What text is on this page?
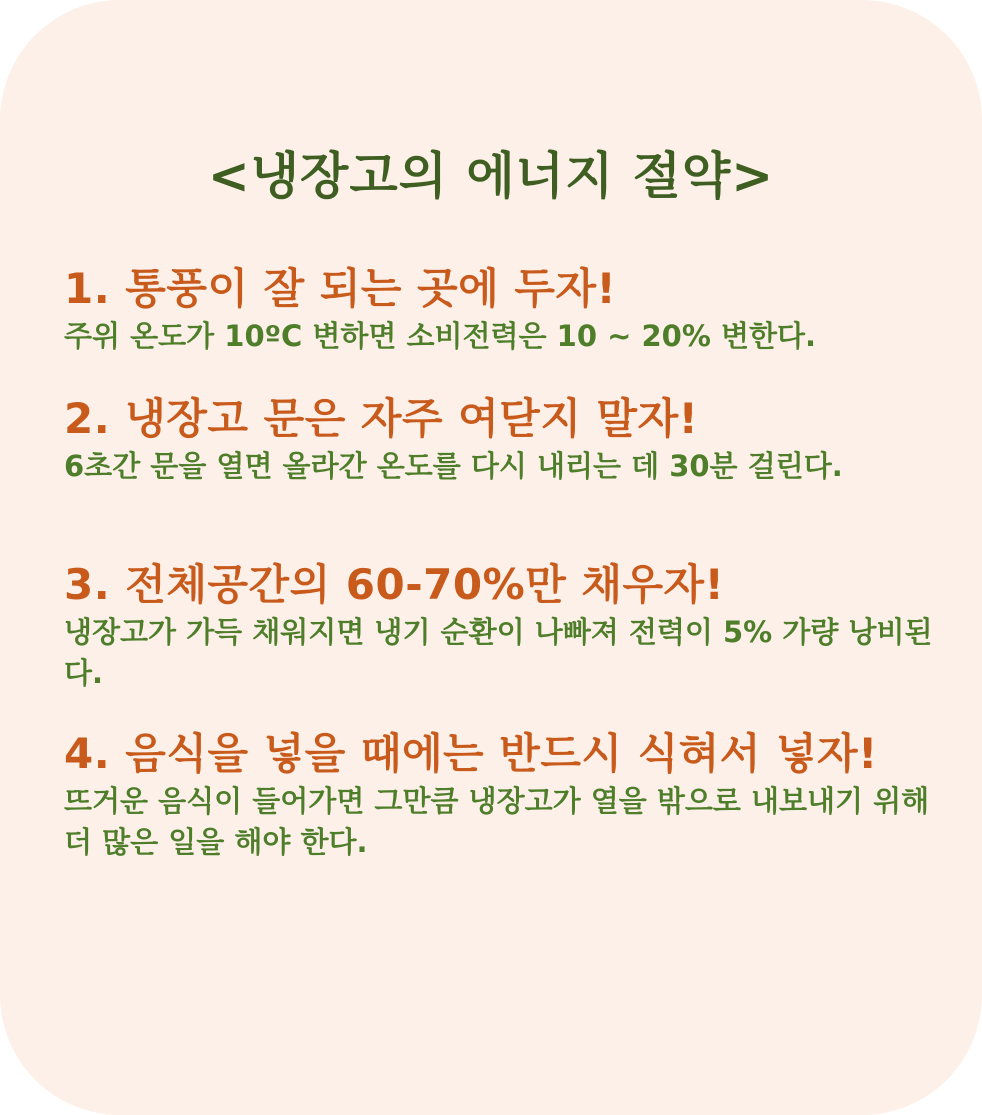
<냉장고의 에너지 절약>
1. 통풍이 잘 되는 곳에 두자!

주위 온도가 10ºC 변하면 소비전력은 10 ~ 20% 변한다.

2. 냉장고 문은 자주 여닫지 말자!

6초간 문을 열면 올라간 온도를 다시 내리는 데 30분 걸린다.

3. 전체공간의 60-70%만 채우자!

냉장고가 가득 채워지면 냉기 순환이 나빠져 전력이 5% 가량 낭비된다.

4. 음식을 넣을 때에는 반드시 식혀서 넣자!

뜨거운 음식이 들어가면 그만큼 냉장고가 열을 밖으로 내보내기 위해 더 많은 일을 해야 한다.
